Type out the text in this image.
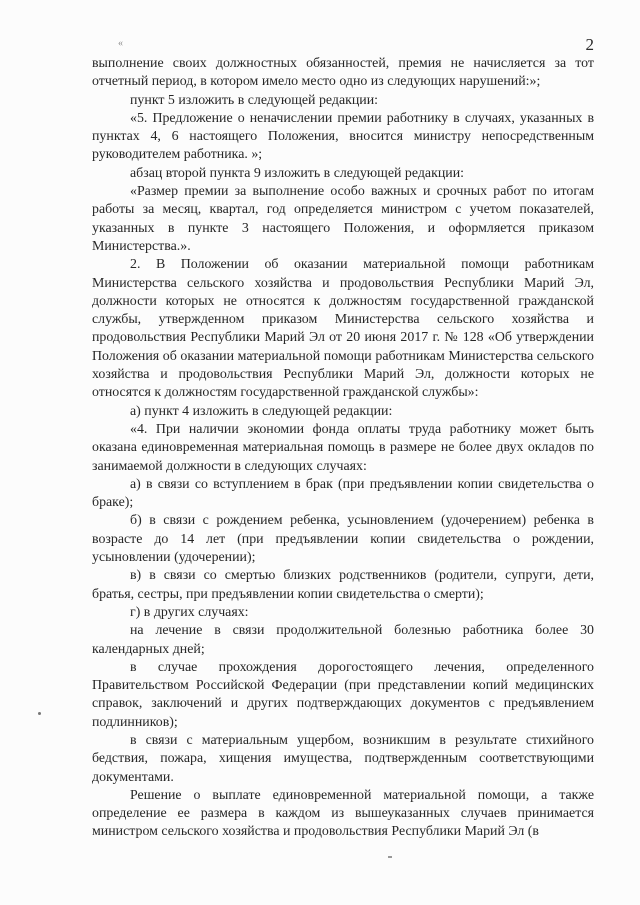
«	2

выполнение своих должностных обязанностей, премия не начисляется за тот отчетный период, в котором имело место одно из следующих нарушений:»;

пункт 5 изложить в следующей редакции:

«5. Предложение о неначислении премии работнику в случаях, указанных в пунктах 4, 6 настоящего Положения, вносится министру непосредственным руководителем работника. »;

абзац второй пункта 9 изложить в следующей редакции:

«Размер премии за выполнение особо важных и срочных работ по итогам работы за месяц, квартал, год определяется министром с учетом показателей, указанных в пункте 3 настоящего Положения, и оформляется приказом Министерства.».

2. В Положении об оказании материальной помощи работникам Министерства сельского хозяйства и продовольствия Республики Марий Эл, должности которых не относятся к должностям государственной гражданской службы, утвержденном приказом Министерства сельского хозяйства и продовольствия Республики Марий Эл от 20 июня 2017 г. № 128 «Об утверждении Положения об оказании материальной помощи работникам Министерства сельского хозяйства и продовольствия Республики Марий Эл, должности которых не относятся к должностям государственной гражданской службы»:

а) пункт 4 изложить в следующей редакции:

«4. При наличии экономии фонда оплаты труда работнику может быть оказана единовременная материальная помощь в размере не более двух окладов по занимаемой должности в следующих случаях:

а) в связи со вступлением в брак (при предъявлении копии свидетельства о браке);

б) в связи с рождением ребенка, усыновлением (удочерением) ребенка в возрасте до 14 лет (при предъявлении копии свидетельства о рождении, усыновлении (удочерении);

в) в связи со смертью близких родственников (родители, супруги, дети, братья, сестры, при предъявлении копии свидетельства о смерти);

г) в других случаях:

на лечение в связи продолжительной болезнью работника более 30 календарных дней;

в случае прохождения дорогостоящего лечения, определенного Правительством Российской Федерации (при представлении копий медицинских справок, заключений и других подтверждающих документов с предъявлением подлинников);

в связи с материальным ущербом, возникшим в результате стихийного бедствия, пожара, хищения имущества, подтвержденным соответствующими документами.

Решение о выплате единовременной материальной помощи, а также определение ее размера в каждом из вышеуказанных случаев принимается министром сельского хозяйства и продовольствия Республики Марий Эл (в
